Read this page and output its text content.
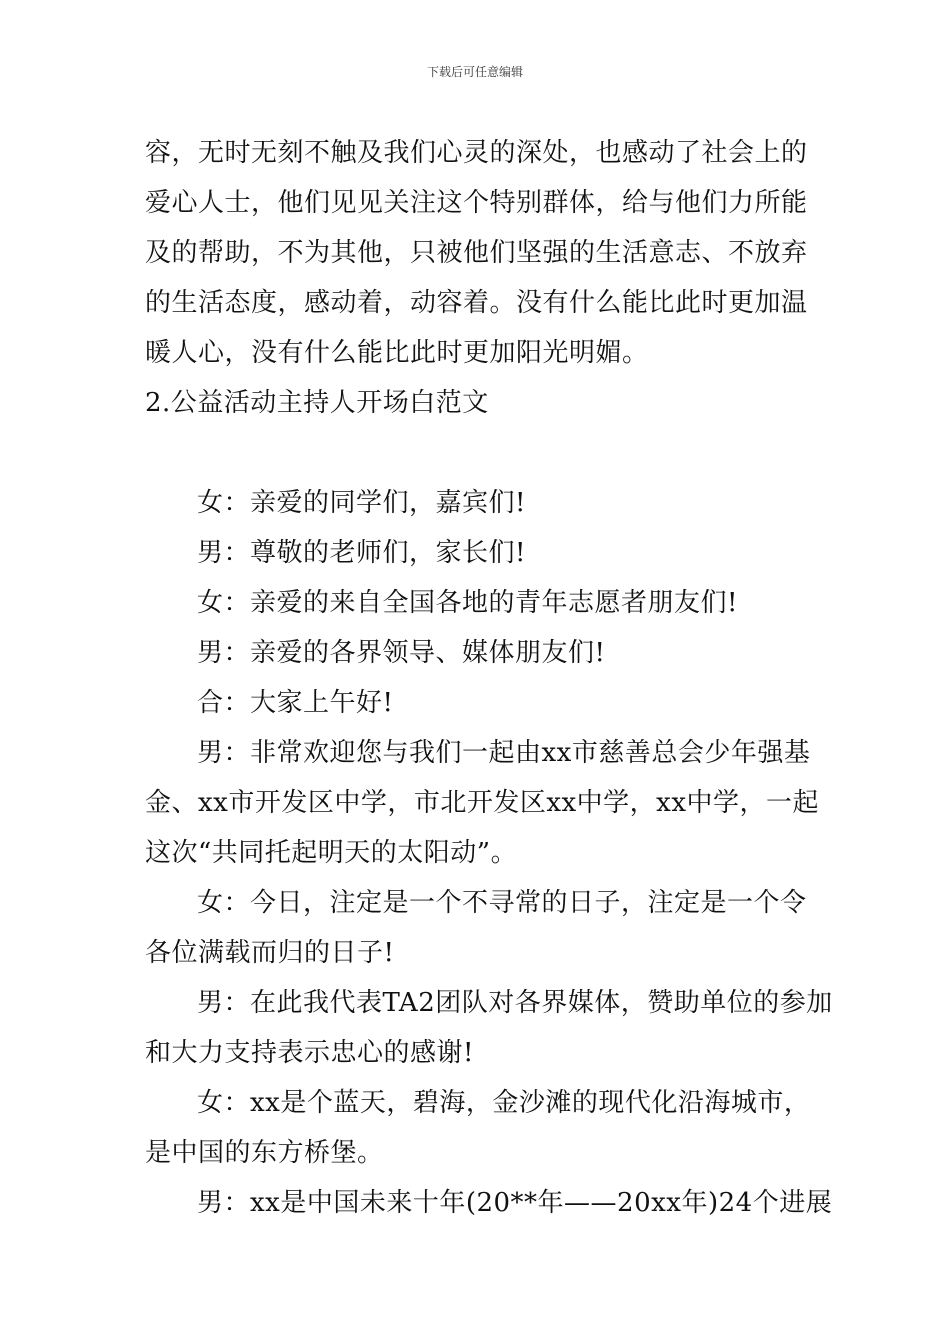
下载后可任意编辑
容，无时无刻不触及我们心灵的深处，也感动了社会上的
爱心人士，他们见见关注这个特别群体，给与他们力所能
及的帮助，不为其他，只被他们坚强的生活意志、不放弃
的生活态度，感动着，动容着。没有什么能比此时更加温
暖人心，没有什么能比此时更加阳光明媚。
2.公益活动主持人开场白范文
女：亲爱的同学们，嘉宾们!
男：尊敬的老师们，家长们!
女：亲爱的来自全国各地的青年志愿者朋友们!
男：亲爱的各界领导、媒体朋友们!
合：大家上午好!
男：非常欢迎您与我们一起由xx市慈善总会少年强基
金、xx市开发区中学，市北开发区xx中学，xx中学，一起
这次“共同托起明天的太阳动”。
女：今日，注定是一个不寻常的日子，注定是一个令
各位满载而归的日子!
男：在此我代表TA2团队对各界媒体，赞助单位的参加
和大力支持表示忠心的感谢!
女：xx是个蓝天，碧海，金沙滩的现代化沿海城市，
是中国的东方桥堡。
男：xx是中国未来十年(20**年——20xx年)24个进展
